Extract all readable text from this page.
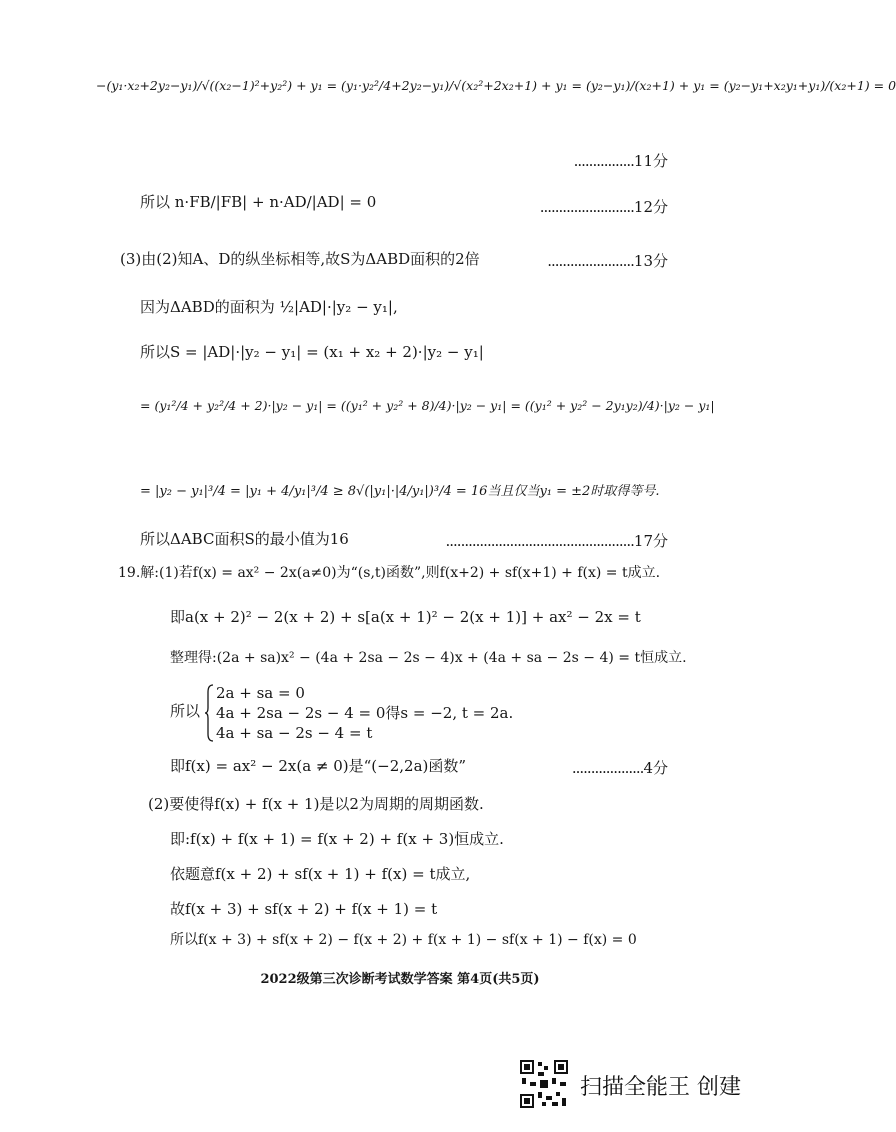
−(y₁·x₂+2y₂−y₁)/√((x₂−1)²+y₂²) + y₁ = (y₁·y₂²/4+2y₂−y₁)/√(x₂²+2x₂+1) + y₁ = (y₂−y₁)/(x₂+1) + y₁ = (y₂−y₁+x₂y₁+y₁)/(x₂+1) = 0
................11分
所以 n·FB/|FB| + n·AD/|AD| = 0	.........................12分
(3)由(2)知A、D的纵坐标相等,故S为ΔABD面积的2倍	.......................13分
因为ΔABD的面积为 ½|AD|·|y₂ − y₁|,
所以S = |AD|·|y₂ − y₁| = (x₁ + x₂ + 2)·|y₂ − y₁|
= (y₁²/4 + y₂²/4 + 2)·|y₂ − y₁| = ((y₁² + y₂² + 8)/4)·|y₂ − y₁| = ((y₁² + y₂² − 2y₁y₂)/4)·|y₂ − y₁|
= |y₂ − y₁|³/4 = |y₁ + 4/y₁|³/4 ≥ 8√(|y₁|·|4/y₁|)³/4 = 16当且仅当y₁ = ±2时取得等号.
所以ΔABC面积S的最小值为16	..................................................17分
19.解:(1)若f(x) = ax² − 2x(a≠0)为“(s,t)函数”,则f(x+2) + sf(x+1) + f(x) = t成立.
即a(x + 2)² − 2(x + 2) + s[a(x + 1)² − 2(x + 1)] + ax² − 2x = t
整理得:(2a + sa)x² − (4a + 2sa − 2s − 4)x + (4a + sa − 2s − 4) = t恒成立.
所以
2a + sa = 0
4a + 2sa − 2s − 4 = 0得s = −2, t = 2a.
4a + sa − 2s − 4 = t
即f(x) = ax² − 2x(a ≠ 0)是“(−2,2a)函数”	...................4分
(2)要使得f(x) + f(x + 1)是以2为周期的周期函数.
即:f(x) + f(x + 1) = f(x + 2) + f(x + 3)恒成立.
依题意f(x + 2) + sf(x + 1) + f(x) = t成立,
故f(x + 3) + sf(x + 2) + f(x + 1) = t
所以f(x + 3) + sf(x + 2) − f(x + 2) + f(x + 1) − sf(x + 1) − f(x) = 0
2022级第三次诊断考试数学答案 第4页(共5页)
扫描全能王 创建
